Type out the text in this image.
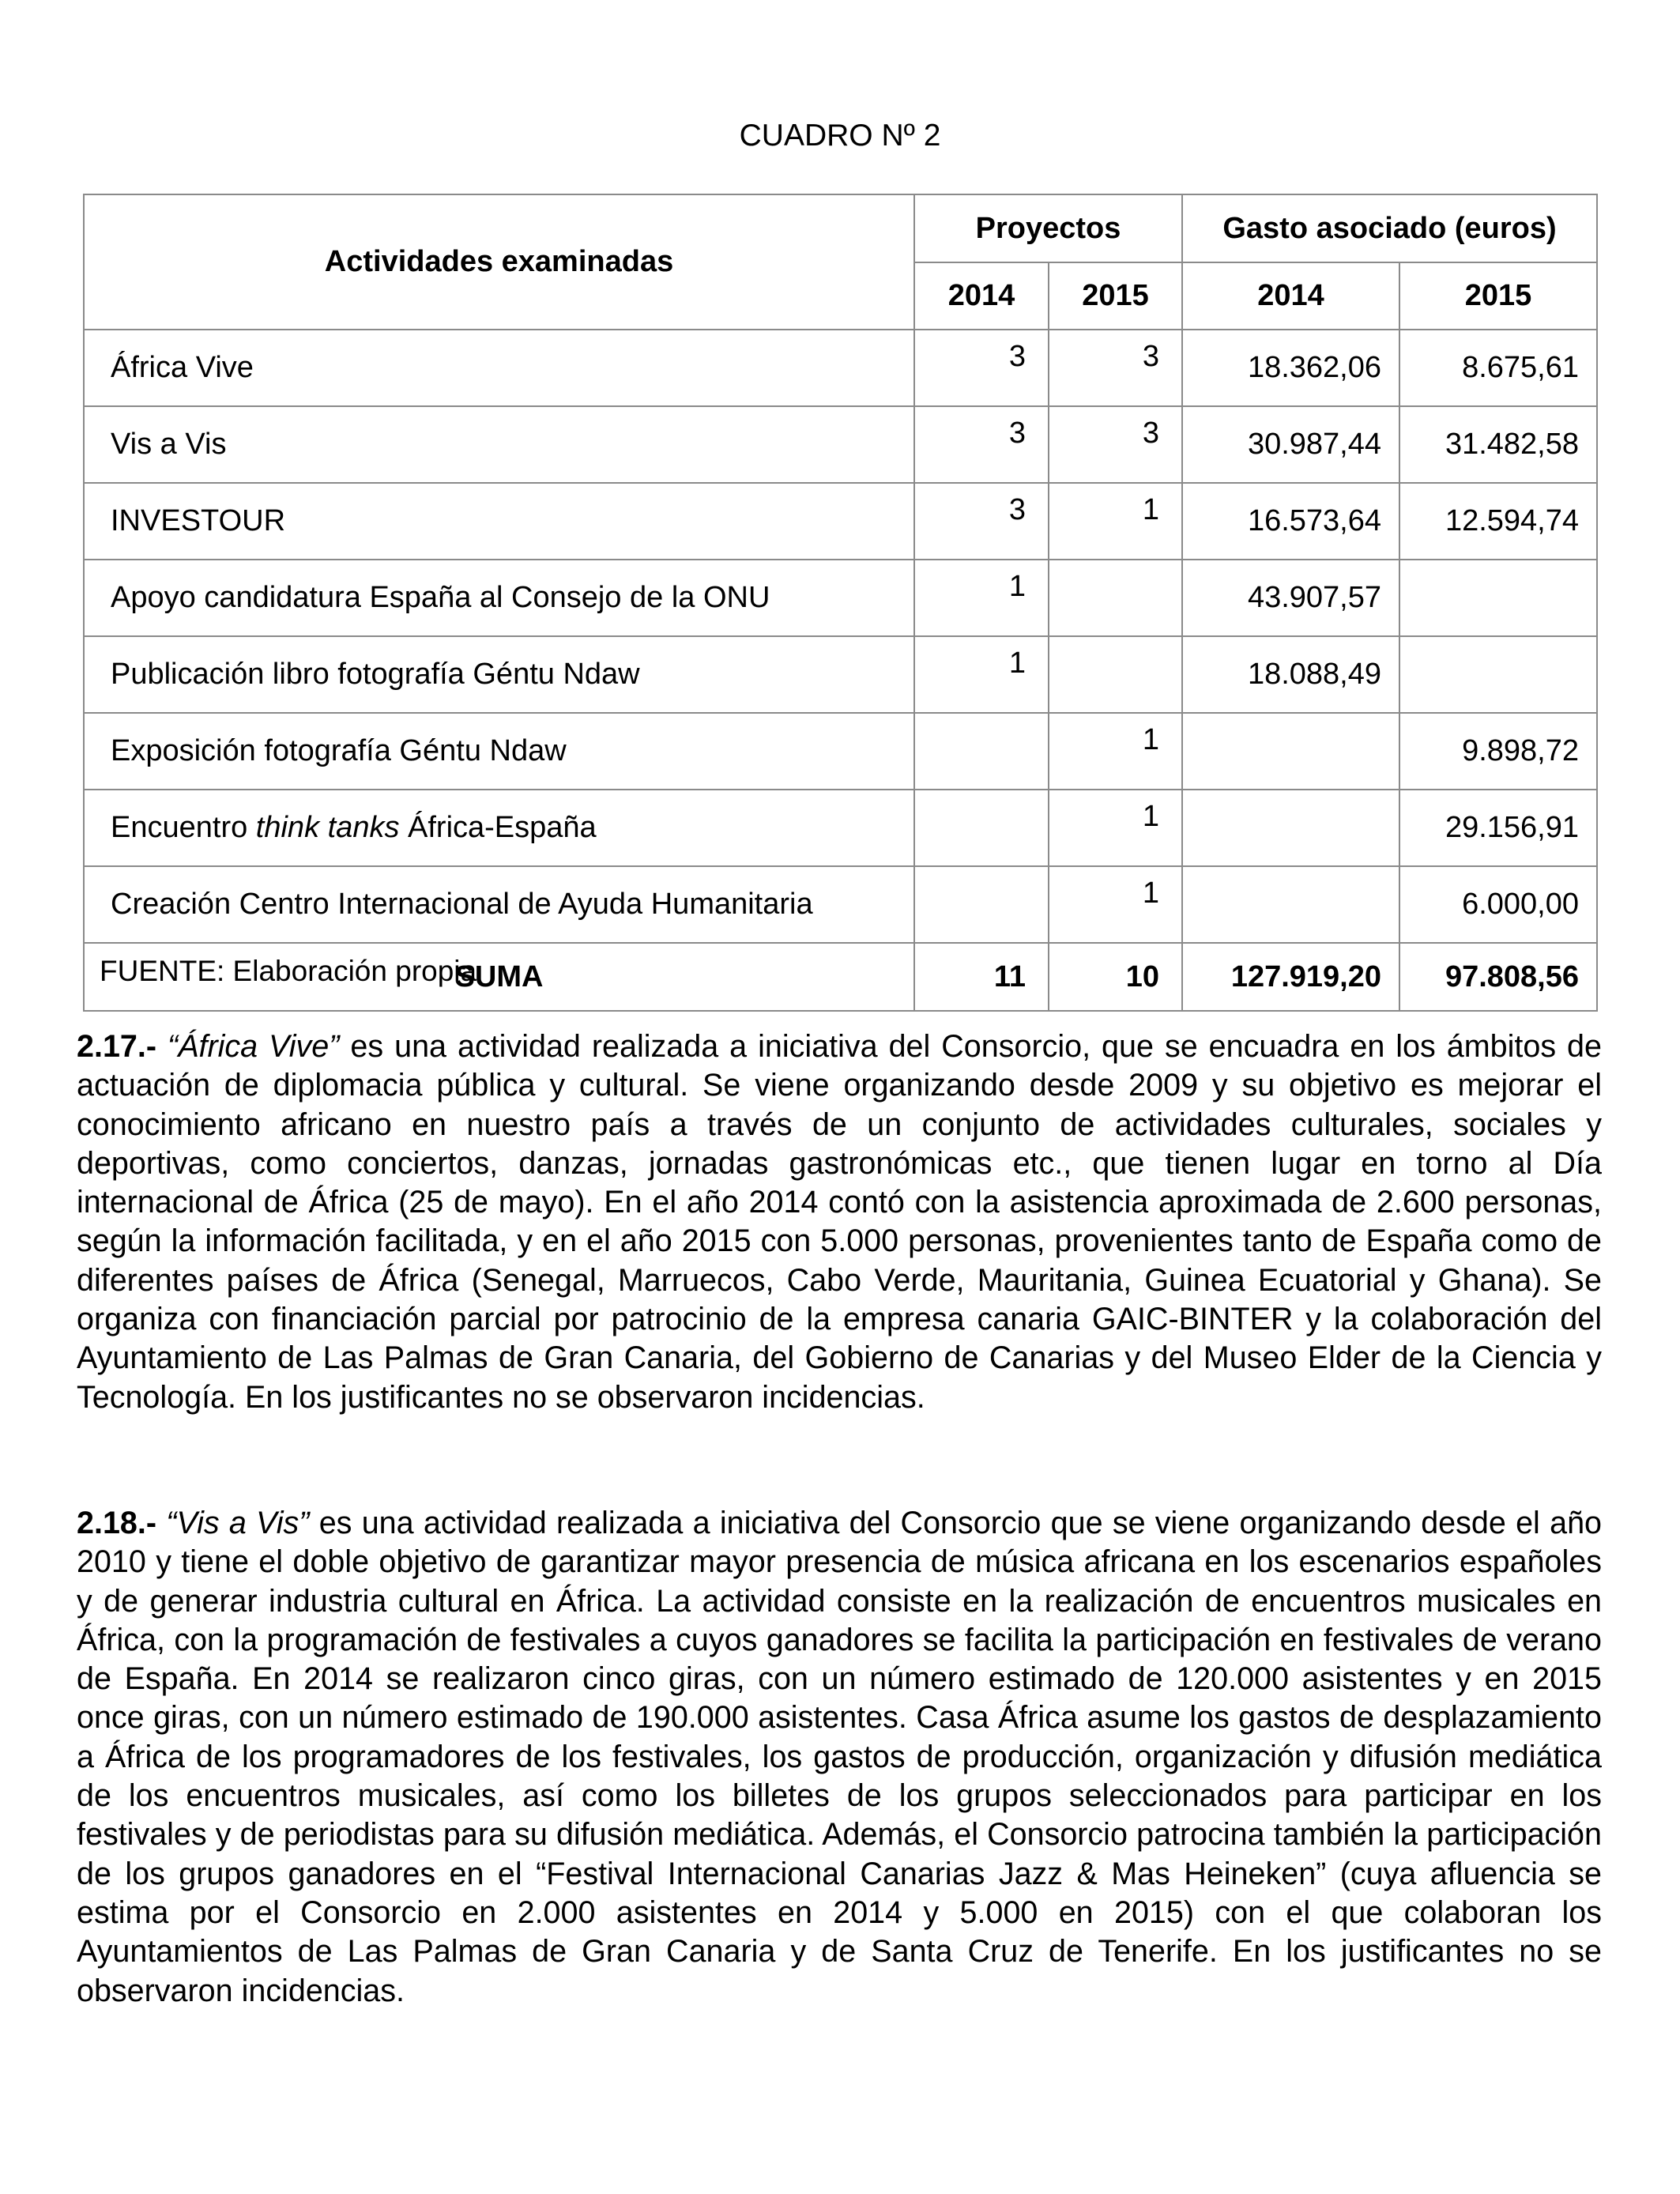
CUADRO Nº 2
Actividades examinadas	Proyectos		Gasto asociado (euros)	
	2014	2015	2014	2015
África Vive	3	3	18.362,06	8.675,61
Vis a Vis	3	3	30.987,44	31.482,58
INVESTOUR	3	1	16.573,64	12.594,74
Apoyo candidatura España al Consejo de la ONU	1		43.907,57	
Publicación libro fotografía Géntu Ndaw	1		18.088,49	
Exposición fotografía Géntu Ndaw		1		9.898,72
Encuentro think tanks África-España		1		29.156,91
Creación Centro Internacional de Ayuda Humanitaria		1		6.000,00
SUMA	11	10	127.919,20	97.808,56
FUENTE: Elaboración propia

2.17.- “África Vive” es una actividad realizada a iniciativa del Consorcio, que se encuadra en los ámbitos de actuación de diplomacia pública y cultural. Se viene organizando desde 2009 y su objetivo es mejorar el conocimiento africano en nuestro país a través de un conjunto de actividades culturales, sociales y deportivas, como conciertos, danzas, jornadas gastronómicas etc., que tienen lugar en torno al Día internacional de África (25 de mayo). En el año 2014 contó con la asistencia aproximada de 2.600 personas, según la información facilitada, y en el año 2015 con 5.000 personas, provenientes tanto de España como de diferentes países de África (Senegal, Marruecos, Cabo Verde, Mauritania, Guinea Ecuatorial y Ghana). Se organiza con financiación parcial por patrocinio de la empresa canaria GAIC-BINTER y la colaboración del Ayuntamiento de Las Palmas de Gran Canaria, del Gobierno de Canarias y del Museo Elder de la Ciencia y Tecnología. En los justificantes no se observaron incidencias.

2.18.- “Vis a Vis” es una actividad realizada a iniciativa del Consorcio que se viene organizando desde el año 2010 y tiene el doble objetivo de garantizar mayor presencia de música africana en los escenarios españoles y de generar industria cultural en África. La actividad consiste en la realización de encuentros musicales en África, con la programación de festivales a cuyos ganadores se facilita la participación en festivales de verano de España. En 2014 se realizaron cinco giras, con un número estimado de 120.000 asistentes y en 2015 once giras, con un número estimado de 190.000 asistentes. Casa África asume los gastos de desplazamiento a África de los programadores de los festivales, los gastos de producción, organización y difusión mediática de los encuentros musicales, así como los billetes de los grupos seleccionados para participar en los festivales y de periodistas para su difusión mediática. Además, el Consorcio patrocina también la participación de los grupos ganadores en el “Festival Internacional Canarias Jazz & Mas Heineken” (cuya afluencia se estima por el Consorcio en 2.000 asistentes en 2014 y 5.000 en 2015) con el que colaboran los Ayuntamientos de Las Palmas de Gran Canaria y de Santa Cruz de Tenerife. En los justificantes no se observaron incidencias.
